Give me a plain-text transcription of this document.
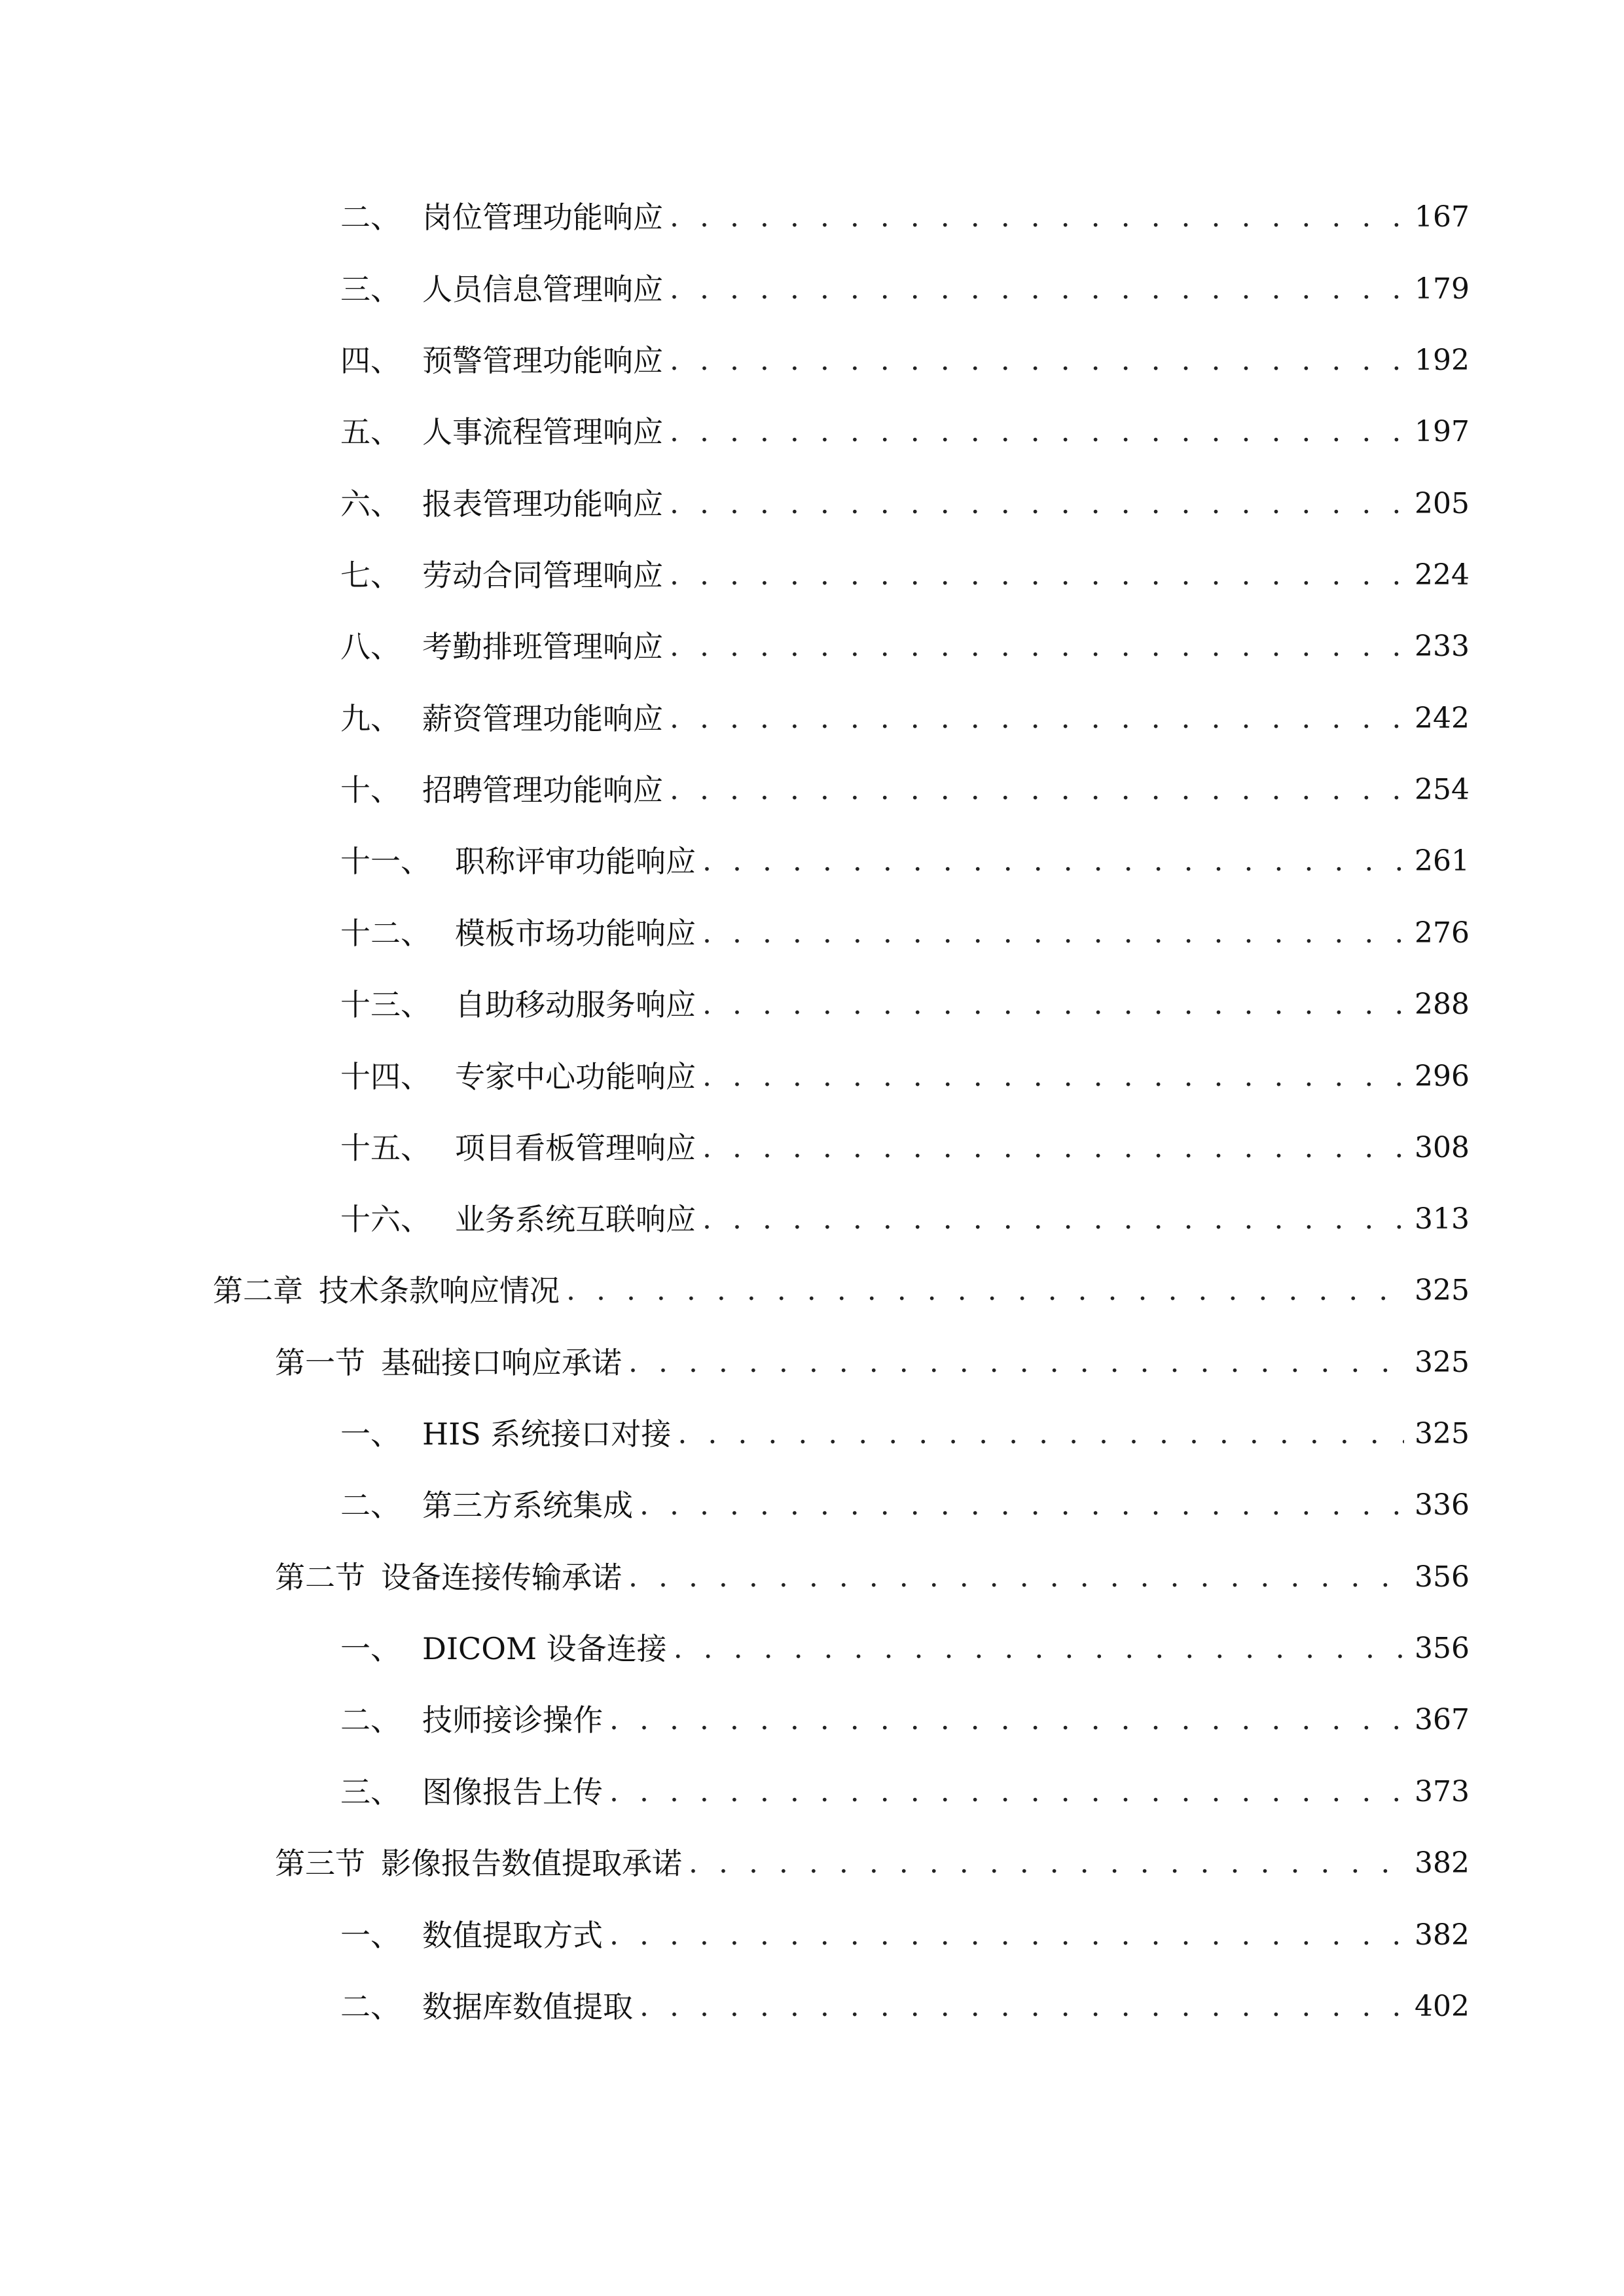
二、 岗位管理功能响应 . . .	167
三、 人员信息管理响应 . . .	179
四、 预警管理功能响应 . . .	192
五、 人事流程管理响应 . . .	197
六、 报表管理功能响应 . . .	205
七、 劳动合同管理响应 . . .	224
八、 考勤排班管理响应 . . .	233
九、 薪资管理功能响应 . . .	242
十、 招聘管理功能响应 . . .	254
十一、 职称评审功能响应 . . .	261
十二、 模板市场功能响应 . . .	276
十三、 自助移动服务响应 . . .	288
十四、 专家中心功能响应 . . .	296
十五、 项目看板管理响应 . . .	308
十六、 业务系统互联响应 . . .	313
第二章 技术条款响应情况 . . .	325
第一节 基础接口响应承诺 . . .	325
一、 HIS 系统接口对接 . . .	325
二、 第三方系统集成 . . .	336
第二节 设备连接传输承诺 . . .	356
一、 DICOM 设备连接 . . .	356
二、 技师接诊操作 . . .	367
三、 图像报告上传 . . .	373
第三节 影像报告数值提取承诺 . . .	382
一、 数值提取方式 . . .	382
二、 数据库数值提取 . . .	402
